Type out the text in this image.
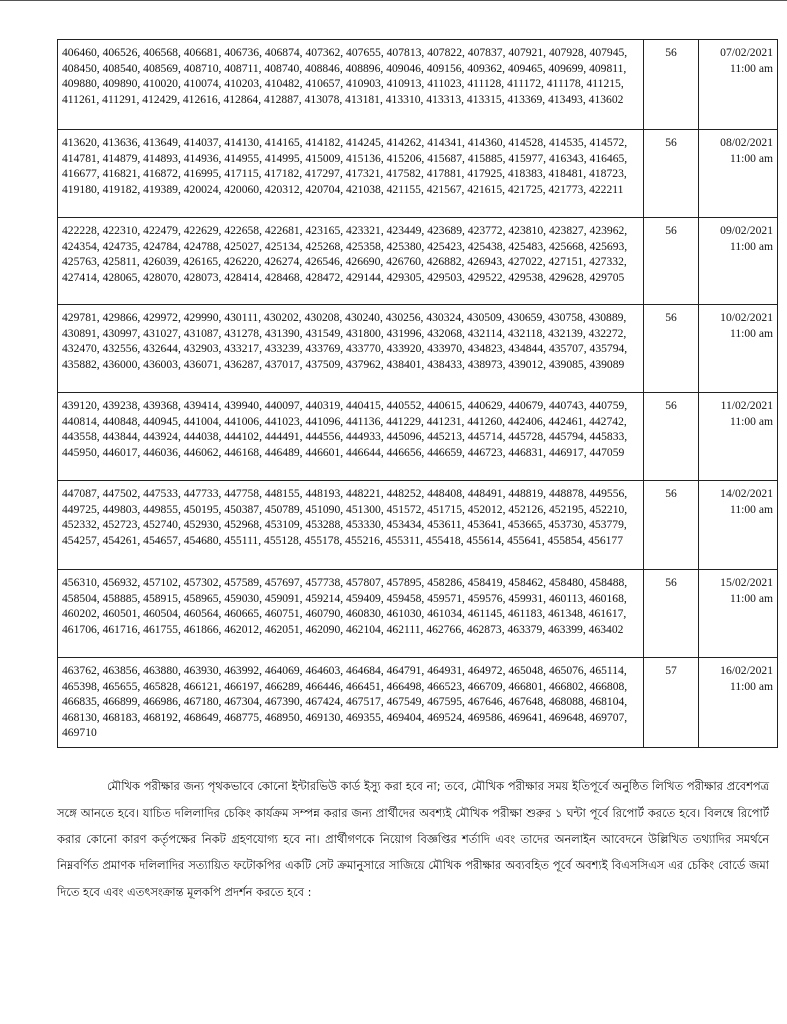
406460, 406526, 406568, 406681, 406736, 406874, 407362, 407655, 407813, 407822, 407837, 407921, 407928, 407945, 408450, 408540, 408569, 408710, 408711, 408740, 408846, 408896, 409046, 409156, 409362, 409465, 409699, 409811, 409880, 409890, 410020, 410074, 410203, 410482, 410657, 410903, 410913, 411023, 411128, 411172, 411178, 411215, 411261, 411291, 412429, 412616, 412864, 412887, 413078, 413181, 413310, 413313, 413315, 413369, 413493, 413602	56	07/02/2021
11:00 am

413620, 413636, 413649, 414037, 414130, 414165, 414182, 414245, 414262, 414341, 414360, 414528, 414535, 414572, 414781, 414879, 414893, 414936, 414955, 414995, 415009, 415136, 415206, 415687, 415885, 415977, 416343, 416465, 416677, 416821, 416872, 416995, 417115, 417182, 417297, 417321, 417582, 417881, 417925, 418383, 418481, 418723, 419180, 419182, 419389, 420024, 420060, 420312, 420704, 421038, 421155, 421567, 421615, 421725, 421773, 422211	56	08/02/2021
11:00 am

422228, 422310, 422479, 422629, 422658, 422681, 423165, 423321, 423449, 423689, 423772, 423810, 423827, 423962, 424354, 424735, 424784, 424788, 425027, 425134, 425268, 425358, 425380, 425423, 425438, 425483, 425668, 425693, 425763, 425811, 426039, 426165, 426220, 426274, 426546, 426690, 426760, 426882, 426943, 427022, 427151, 427332, 427414, 428065, 428070, 428073, 428414, 428468, 428472, 429144, 429305, 429503, 429522, 429538, 429628, 429705	56	09/02/2021
11:00 am

429781, 429866, 429972, 429990, 430111, 430202, 430208, 430240, 430256, 430324, 430509, 430659, 430758, 430889, 430891, 430997, 431027, 431087, 431278, 431390, 431549, 431800, 431996, 432068, 432114, 432118, 432139, 432272, 432470, 432556, 432644, 432903, 433217, 433239, 433769, 433770, 433920, 433970, 434823, 434844, 435707, 435794, 435882, 436000, 436003, 436071, 436287, 437017, 437509, 437962, 438401, 438433, 438973, 439012, 439085, 439089	56	10/02/2021
11:00 am

439120, 439238, 439368, 439414, 439940, 440097, 440319, 440415, 440552, 440615, 440629, 440679, 440743, 440759, 440814, 440848, 440945, 441004, 441006, 441023, 441096, 441136, 441229, 441231, 441260, 442406, 442461, 442742, 443558, 443844, 443924, 444038, 444102, 444491, 444556, 444933, 445096, 445213, 445714, 445728, 445794, 445833, 445950, 446017, 446036, 446062, 446168, 446489, 446601, 446644, 446656, 446659, 446723, 446831, 446917, 447059	56	11/02/2021
11:00 am

447087, 447502, 447533, 447733, 447758, 448155, 448193, 448221, 448252, 448408, 448491, 448819, 448878, 449556, 449725, 449803, 449855, 450195, 450387, 450789, 451090, 451300, 451572, 451715, 452012, 452126, 452195, 452210, 452332, 452723, 452740, 452930, 452968, 453109, 453288, 453330, 453434, 453611, 453641, 453665, 453730, 453779, 454257, 454261, 454657, 454680, 455111, 455128, 455178, 455216, 455311, 455418, 455614, 455641, 455854, 456177	56	14/02/2021
11:00 am

456310, 456932, 457102, 457302, 457589, 457697, 457738, 457807, 457895, 458286, 458419, 458462, 458480, 458488, 458504, 458885, 458915, 458965, 459030, 459091, 459214, 459409, 459458, 459571, 459576, 459931, 460113, 460168, 460202, 460501, 460504, 460564, 460665, 460751, 460790, 460830, 461030, 461034, 461145, 461183, 461348, 461617, 461706, 461716, 461755, 461866, 462012, 462051, 462090, 462104, 462111, 462766, 462873, 463379, 463399, 463402	56	15/02/2021
11:00 am

463762, 463856, 463880, 463930, 463992, 464069, 464603, 464684, 464791, 464931, 464972, 465048, 465076, 465114, 465398, 465655, 465828, 466121, 466197, 466289, 466446, 466451, 466498, 466523, 466709, 466801, 466802, 466808, 466835, 466899, 466986, 467180, 467304, 467390, 467424, 467517, 467549, 467595, 467646, 467648, 468088, 468104, 468130, 468183, 468192, 468649, 468775, 468950, 469130, 469355, 469404, 469524, 469586, 469641, 469648, 469707, 469710	57	16/02/2021
11:00 am

মৌখিক পরীক্ষার জন্য পৃথকভাবে কোনো ইন্টারভিউ কার্ড ইস্যু করা হবে না; তবে, মৌখিক পরীক্ষার সময় ইতিপূর্বে অনুষ্ঠিত লিখিত পরীক্ষার প্রবেশপত্র সঙ্গে আনতে হবে। যাচিত দলিলাদির চেকিং কার্যক্রম সম্পন্ন করার জন্য প্রার্থীদের অবশ্যই মৌখিক পরীক্ষা শুরুর ১ ঘন্টা পূর্বে রিপোর্ট করতে হবে। বিলম্বে রিপোর্ট করার কোনো কারণ কর্তৃপক্ষের নিকট গ্রহণযোগ্য হবে না। প্রার্থীগণকে নিয়োগ বিজ্ঞপ্তির শর্তাদি এবং তাদের অনলাইন আবেদনে উল্লিখিত তথ্যাদির সমর্থনে নিম্নবর্ণিত প্রমাণক দলিলাদির সত্যায়িত ফটোকপির একটি সেট ক্রমানুসারে সাজিয়ে মৌখিক পরীক্ষার অব্যবহিত পূর্বে অবশ্যই বিএসসিএস এর চেকিং বোর্ডে জমা দিতে হবে এবং এতৎসংক্রান্ত মূলকপি প্রদর্শন করতে হবে :
